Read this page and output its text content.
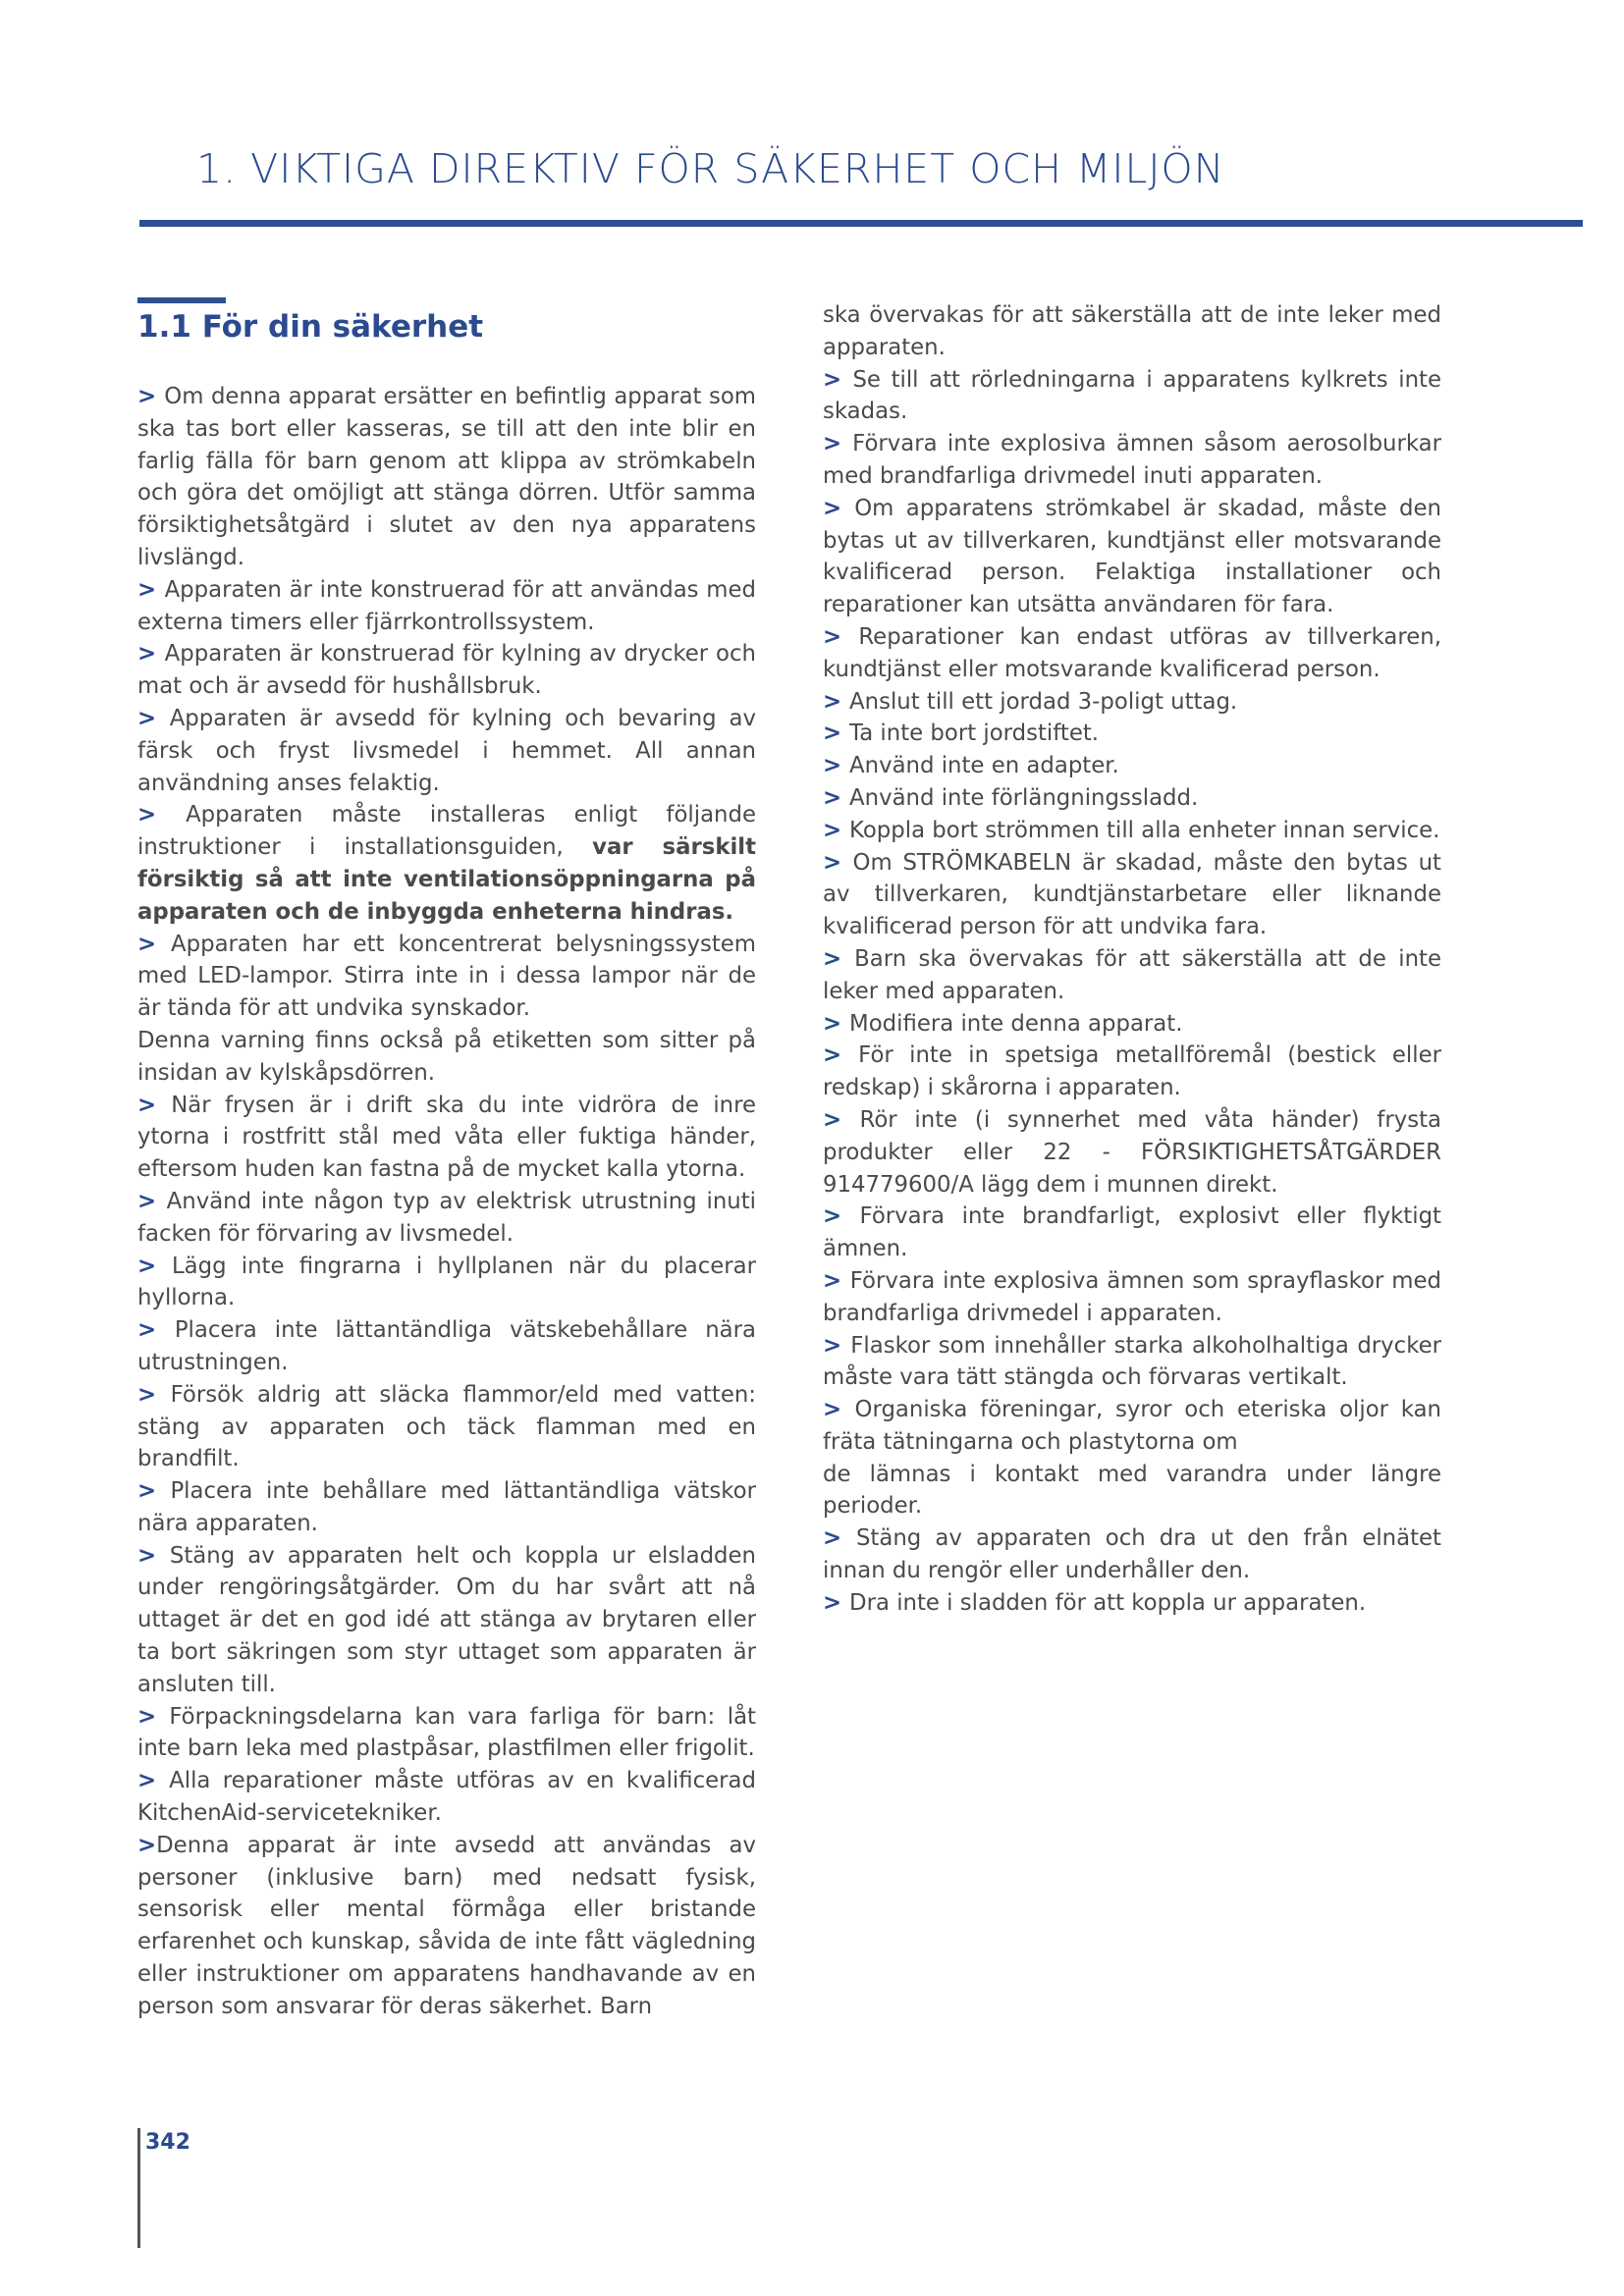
1. VIKTIGA DIREKTIV FÖR SÄKERHET OCH MILJÖN
1.1 För din säkerhet

> Om denna apparat ersätter en befintlig apparat som ska tas bort eller kasseras, se till att den inte blir en farlig fälla för barn genom att klippa av strömkabeln och göra det omöjligt att stänga dörren. Utför samma försiktighetsåtgärd i slutet av den nya apparatens livslängd.

> Apparaten är inte konstruerad för att användas med externa timers eller fjärrkontrollssystem.

> Apparaten är konstruerad för kylning av drycker och mat och är avsedd för hushållsbruk.

> Apparaten är avsedd för kylning och bevaring av färsk och fryst livsmedel i hemmet. All annan användning anses felaktig.

> Apparaten måste installeras enligt följande instruktioner i installationsguiden, var särskilt försiktig så att inte ventilationsöppningarna på apparaten och de inbyggda enheterna hindras.

> Apparaten har ett koncentrerat belysningssystem med LED-lampor. Stirra inte in i dessa lampor när de är tända för att undvika synskador.

Denna varning finns också på etiketten som sitter på insidan av kylskåpsdörren.

> När frysen är i drift ska du inte vidröra de inre ytorna i rostfritt stål med våta eller fuktiga händer, eftersom huden kan fastna på de mycket kalla ytorna.

> Använd inte någon typ av elektrisk utrustning inuti facken för förvaring av livsmedel.

> Lägg inte fingrarna i hyllplanen när du placerar hyllorna.

> Placera inte lättantändliga vätskebehållare nära utrustningen.

> Försök aldrig att släcka flammor/eld med vatten: stäng av apparaten och täck flamman med en brandfilt.

> Placera inte behållare med lättantändliga vätskor nära apparaten.

> Stäng av apparaten helt och koppla ur elsladden under rengöringsåtgärder. Om du har svårt att nå uttaget är det en god idé att stänga av brytaren eller ta bort säkringen som styr uttaget som apparaten är ansluten till.

> Förpackningsdelarna kan vara farliga för barn: låt inte barn leka med plastpåsar, plastfilmen eller frigolit.

> Alla reparationer måste utföras av en kvalificerad KitchenAid-servicetekniker.

>Denna apparat är inte avsedd att användas av personer (inklusive barn) med nedsatt fysisk, sensorisk eller mental förmåga eller bristande erfarenhet och kunskap, såvida de inte fått vägledning eller instruktioner om apparatens handhavande av en person som ansvarar för deras säkerhet. Barn

ska övervakas för att säkerställa att de inte leker med apparaten.

> Se till att rörledningarna i apparatens kylkrets inte skadas.

> Förvara inte explosiva ämnen såsom aerosolburkar med brandfarliga drivmedel inuti apparaten.

> Om apparatens strömkabel är skadad, måste den bytas ut av tillverkaren, kundtjänst eller motsvarande kvalificerad person. Felaktiga installationer och reparationer kan utsätta användaren för fara.

> Reparationer kan endast utföras av tillverkaren, kundtjänst eller motsvarande kvalificerad person.

> Anslut till ett jordad 3-poligt uttag.

> Ta inte bort jordstiftet.

> Använd inte en adapter.

> Använd inte förlängningssladd.

> Koppla bort strömmen till alla enheter innan service.

> Om STRÖMKABELN är skadad, måste den bytas ut av tillverkaren, kundtjänstarbetare eller liknande kvalificerad person för att undvika fara.

> Barn ska övervakas för att säkerställa att de inte leker med apparaten.

> Modifiera inte denna apparat.

> För inte in spetsiga metallföremål (bestick eller redskap) i skårorna i apparaten.

> Rör inte (i synnerhet med våta händer) frysta produkter eller 22 - FÖRSIKTIGHETSÅTGÄRDER 914779600/A lägg dem i munnen direkt.

> Förvara inte brandfarligt, explosivt eller flyktigt ämnen.

> Förvara inte explosiva ämnen som sprayflaskor med brandfarliga drivmedel i apparaten.

> Flaskor som innehåller starka alkoholhaltiga drycker måste vara tätt stängda och förvaras vertikalt.

> Organiska föreningar, syror och eteriska oljor kan fräta tätningarna och plastytorna om

de lämnas i kontakt med varandra under längre perioder.

> Stäng av apparaten och dra ut den från elnätet innan du rengör eller underhåller den.

> Dra inte i sladden för att koppla ur apparaten.

342
